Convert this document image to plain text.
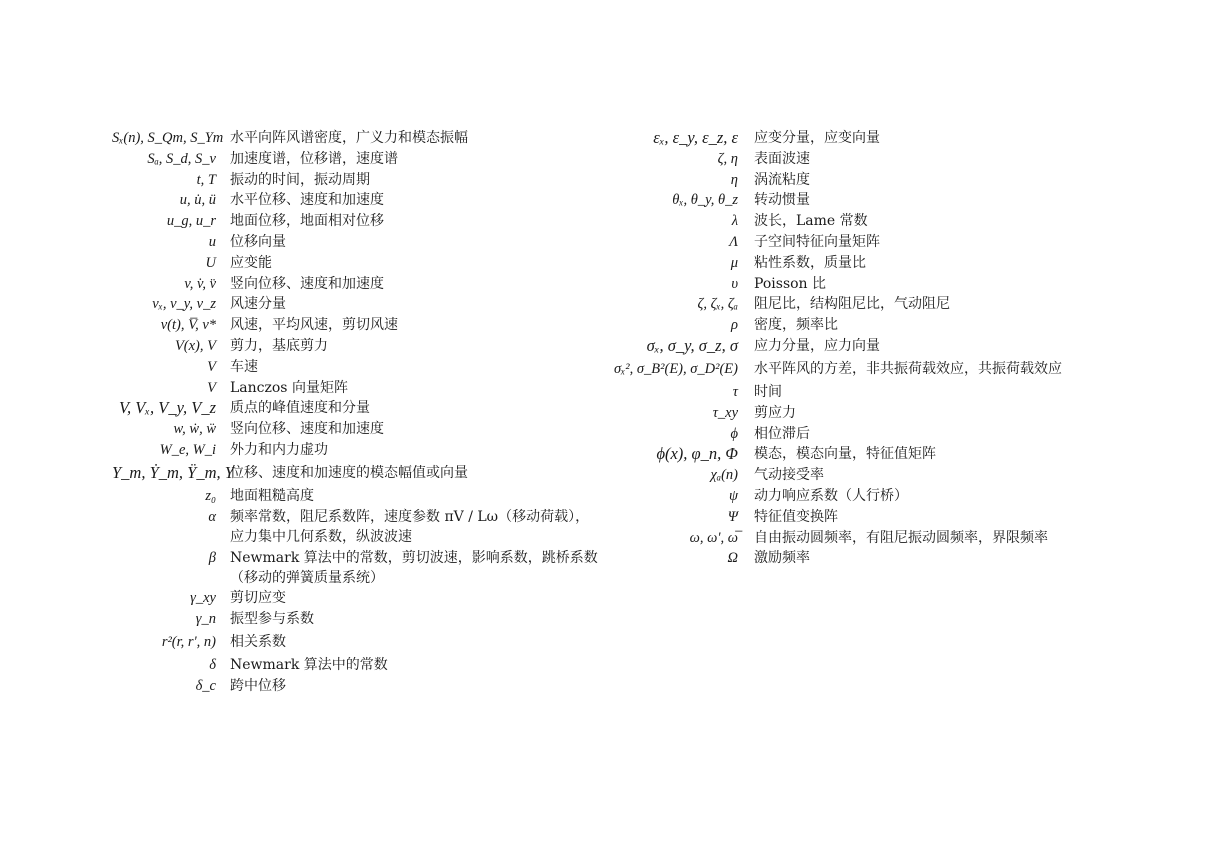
Sₓ(n), S_Qm, S_Ym 水平向阵风谱密度，广义力和模态振幅
Sₐ, S_d, S_v 加速度谱，位移谱，速度谱
t, T 振动的时间，振动周期
u, u̇, ü 水平位移、速度和加速度
u_g, u_r 地面位移，地面相对位移
u 位移向量
U 应变能
v, v̇, v̈ 竖向位移、速度和加速度
vₓ, v_y, v_z 风速分量
v(t), V̅, v* 风速，平均风速，剪切风速
V(x), V 剪力，基底剪力
V 车速
V Lanczos 向量矩阵
V, Vₓ, V_y, V_z 质点的峰值速度和分量
w, ẇ, ẅ 竖向位移、速度和加速度
W_e, W_i 外力和内力虚功
Y_m, Ẏ_m, Ÿ_m, Y
位移、速度和加速度的模态幅值或向量
z₀ 地面粗糙高度
α 频率常数，阻尼系数阵，速度参数 πV / Lω（移动荷载），
应力集中几何系数，纵波波速
β Newmark 算法中的常数，剪切波速，影响系数，跳桥系数
（移动的弹簧质量系统）
γ_xy 剪切应变
γ_n 振型参与系数
r²(r, r', n) 相关系数
δ Newmark 算法中的常数
δ_c 跨中位移
εₓ, ε_y, ε_z, ε 应变分量，应变向量
ζ, η 表面波速
η 涡流粘度
θₓ, θ_y, θ_z 转动惯量
λ 波长，Lame 常数
Λ 子空间特征向量矩阵
μ 粘性系数，质量比
υ Poisson 比
ζ, ζₓ, ζₐ 阻尼比，结构阻尼比，气动阻尼
ρ 密度，频率比
σₓ, σ_y, σ_z, σ 应力分量，应力向量
σₓ², σ_B²(E), σ_D²(E) 水平阵风的方差，非共振荷载效应，共振荷载效应
τ 时间
τ_xy 剪应力
ϕ 相位滞后
ϕ(x), φ_n, Φ 模态，模态向量，特征值矩阵
χₐ(n) 气动接受率
ψ 动力响应系数（人行桥）
Ψ 特征值变换阵
ω, ω', ω̅ 自由振动圆频率，有阻尼振动圆频率，界限频率
Ω 激励频率
